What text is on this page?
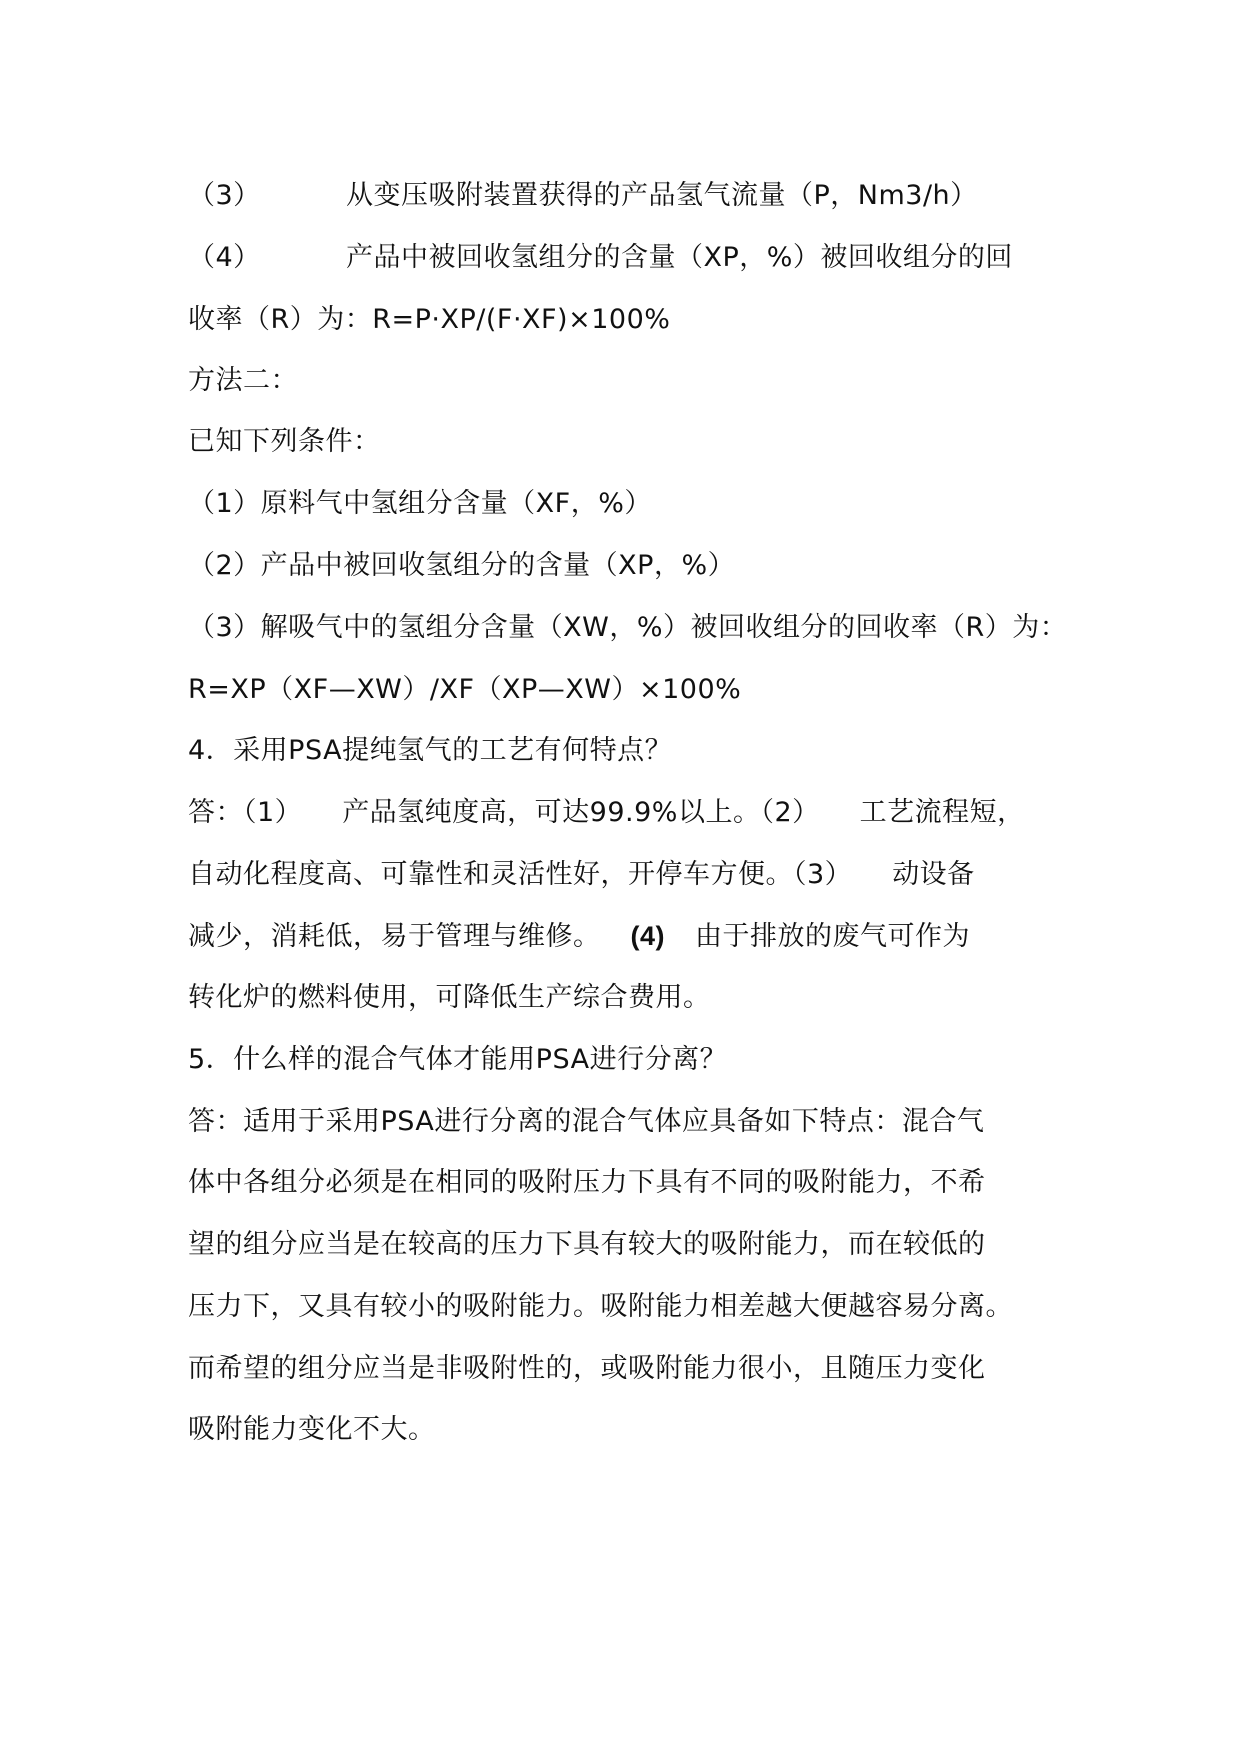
（3）	从变压吸附装置获得的产品氢气流量（P，Nm3/h）
（4）	产品中被回收氢组分的含量（XP，%）被回收组分的回
收率（R）为：R=P·XP/(F·XF)×100%
方法二：
已知下列条件：
（1）原料气中氢组分含量（XF，%）
（2）产品中被回收氢组分的含量（XP，%）
（3）解吸气中的氢组分含量（XW，%）被回收组分的回收率（R）为：
R=XP（XF—XW）/XF（XP—XW）×100%
4．采用PSA提纯氢气的工艺有何特点？
答：（1） 产品氢纯度高，可达99.9%以上。（2） 工艺流程短，
自动化程度高、可靠性和灵活性好，开停车方便。（3） 动设备
减少，消耗低，易于管理与维修。 (4) 由于排放的废气可作为
转化炉的燃料使用，可降低生产综合费用。
5．什么样的混合气体才能用PSA进行分离？
答：适用于采用PSA进行分离的混合气体应具备如下特点：混合气
体中各组分必须是在相同的吸附压力下具有不同的吸附能力，不希
望的组分应当是在较高的压力下具有较大的吸附能力，而在较低的
压力下，又具有较小的吸附能力。吸附能力相差越大便越容易分离。
而希望的组分应当是非吸附性的，或吸附能力很小，且随压力变化
吸附能力变化不大。
